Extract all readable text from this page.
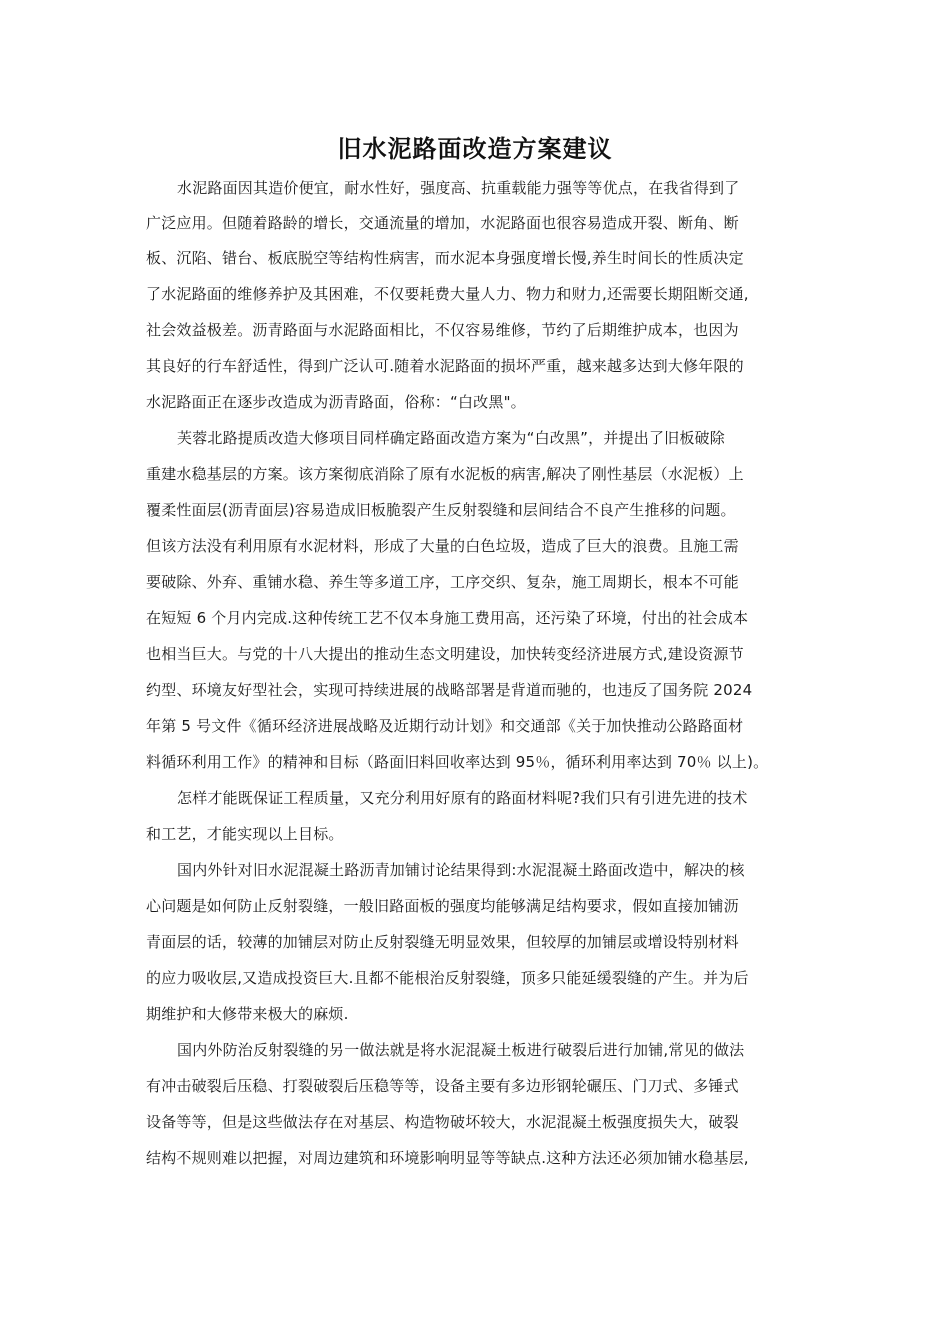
旧水泥路面改造方案建议
水泥路面因其造价便宜，耐水性好，强度高、抗重载能力强等等优点，在我省得到了
广泛应用。但随着路龄的增长，交通流量的增加，水泥路面也很容易造成开裂、断角、断
板、沉陷、错台、板底脱空等结构性病害，而水泥本身强度增长慢,养生时间长的性质决定
了水泥路面的维修养护及其困难，不仅要耗费大量人力、物力和财力,还需要长期阻断交通,
社会效益极差。沥青路面与水泥路面相比，不仅容易维修，节约了后期维护成本，也因为
其良好的行车舒适性，得到广泛认可.随着水泥路面的损坏严重，越来越多达到大修年限的
水泥路面正在逐步改造成为沥青路面，俗称：“白改黑"。
芙蓉北路提质改造大修项目同样确定路面改造方案为“白改黑”，并提出了旧板破除
重建水稳基层的方案。该方案彻底消除了原有水泥板的病害,解决了刚性基层（水泥板）上
覆柔性面层(沥青面层)容易造成旧板脆裂产生反射裂缝和层间结合不良产生推移的问题。
但该方法没有利用原有水泥材料，形成了大量的白色垃圾，造成了巨大的浪费。且施工需
要破除、外弃、重铺水稳、养生等多道工序，工序交织、复杂，施工周期长，根本不可能
在短短 6 个月内完成.这种传统工艺不仅本身施工费用高，还污染了环境，付出的社会成本
也相当巨大。与党的十八大提出的推动生态文明建设，加快转变经济进展方式,建设资源节
约型、环境友好型社会，实现可持续进展的战略部署是背道而驰的，也违反了国务院 2024
年第 5 号文件《循环经济进展战略及近期行动计划》和交通部《关于加快推动公路路面材
料循环利用工作》的精神和目标（路面旧料回收率达到 95％，循环利用率达到 70％ 以上)。
怎样才能既保证工程质量，又充分利用好原有的路面材料呢?我们只有引进先进的技术
和工艺，才能实现以上目标。
国内外针对旧水泥混凝土路沥青加铺讨论结果得到:水泥混凝土路面改造中，解决的核
心问题是如何防止反射裂缝，一般旧路面板的强度均能够满足结构要求，假如直接加铺沥
青面层的话，较薄的加铺层对防止反射裂缝无明显效果，但较厚的加铺层或增设特别材料
的应力吸收层,又造成投资巨大.且都不能根治反射裂缝，顶多只能延缓裂缝的产生。并为后
期维护和大修带来极大的麻烦.
国内外防治反射裂缝的另一做法就是将水泥混凝土板进行破裂后进行加铺,常见的做法
有冲击破裂后压稳、打裂破裂后压稳等等，设备主要有多边形钢轮碾压、门刀式、多锤式
设备等等，但是这些做法存在对基层、构造物破坏较大，水泥混凝土板强度损失大，破裂
结构不规则难以把握，对周边建筑和环境影响明显等等缺点.这种方法还必须加铺水稳基层,
